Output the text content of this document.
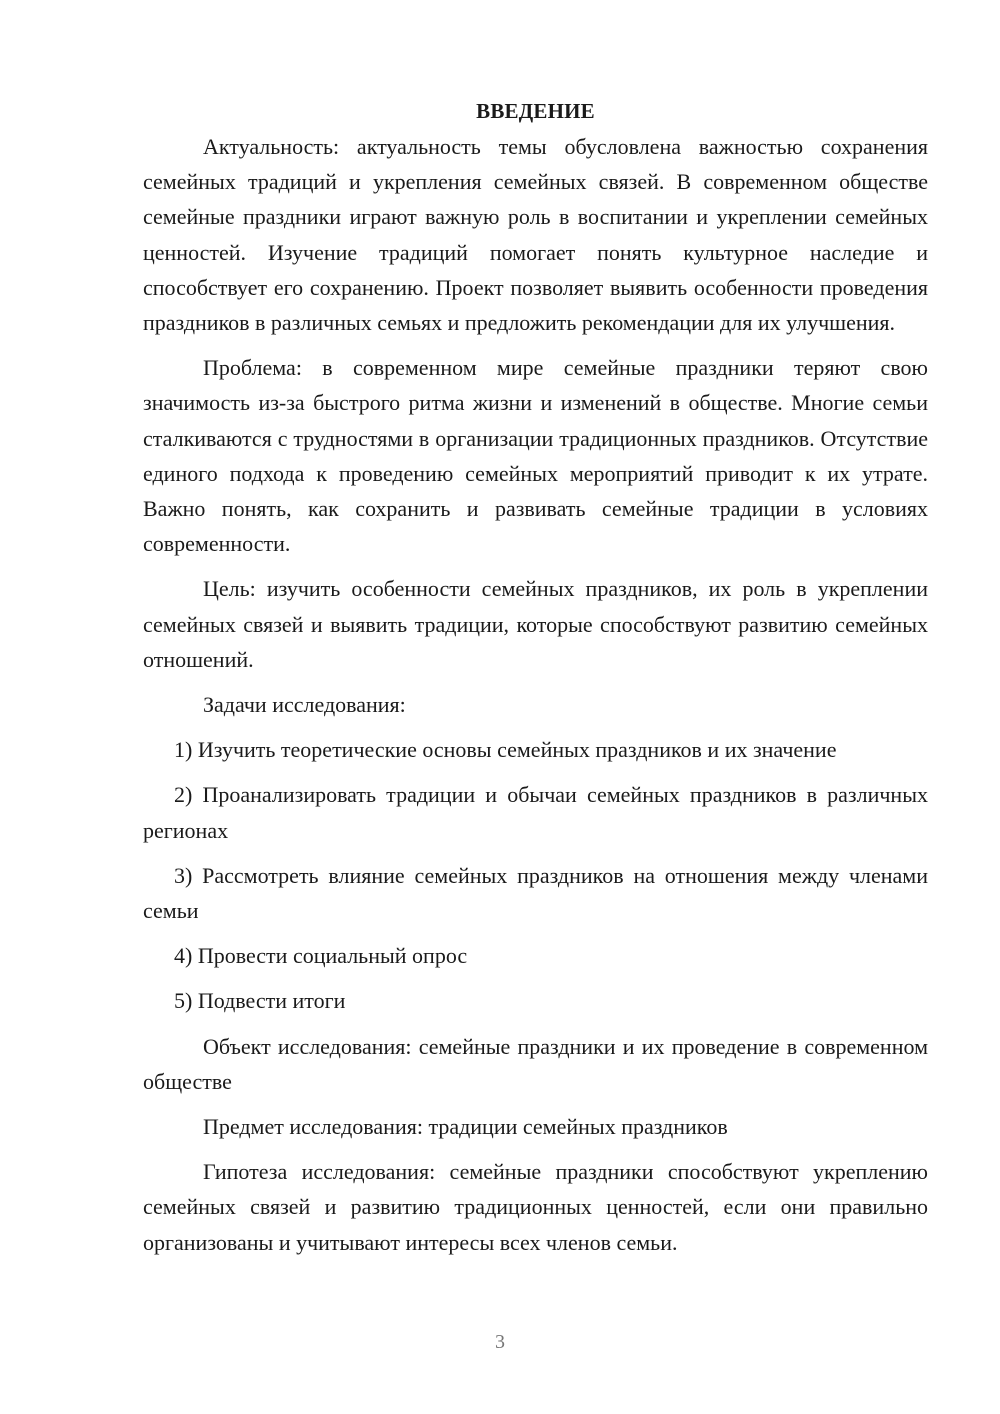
ВВЕДЕНИЕ

Актуальность: актуальность темы обусловлена важностью сохранения семейных традиций и укрепления семейных связей. В современном обществе семейные праздники играют важную роль в воспитании и укреплении семейных ценностей. Изучение традиций помогает понять культурное наследие и способствует его сохранению. Проект позволяет выявить особенности проведения праздников в различных семьях и предложить рекомендации для их улучшения.

Проблема: в современном мире семейные праздники теряют свою значимость из-за быстрого ритма жизни и изменений в обществе. Многие семьи сталкиваются с трудностями в организации традиционных праздников. Отсутствие единого подхода к проведению семейных мероприятий приводит к их утрате. Важно понять, как сохранить и развивать семейные традиции в условиях современности.

Цель: изучить особенности семейных праздников, их роль в укреплении семейных связей и выявить традиции, которые способствуют развитию семейных отношений.

Задачи исследования:

1) Изучить теоретические основы семейных праздников и их значение

2) Проанализировать традиции и обычаи семейных праздников в различных регионах

3) Рассмотреть влияние семейных праздников на отношения между членами семьи

4) Провести социальный опрос

5) Подвести итоги

Объект исследования: семейные праздники и их проведение в современном обществе

Предмет исследования: традиции семейных праздников

Гипотеза исследования: семейные праздники способствуют укреплению семейных связей и развитию традиционных ценностей, если они правильно организованы и учитывают интересы всех членов семьи.

3
